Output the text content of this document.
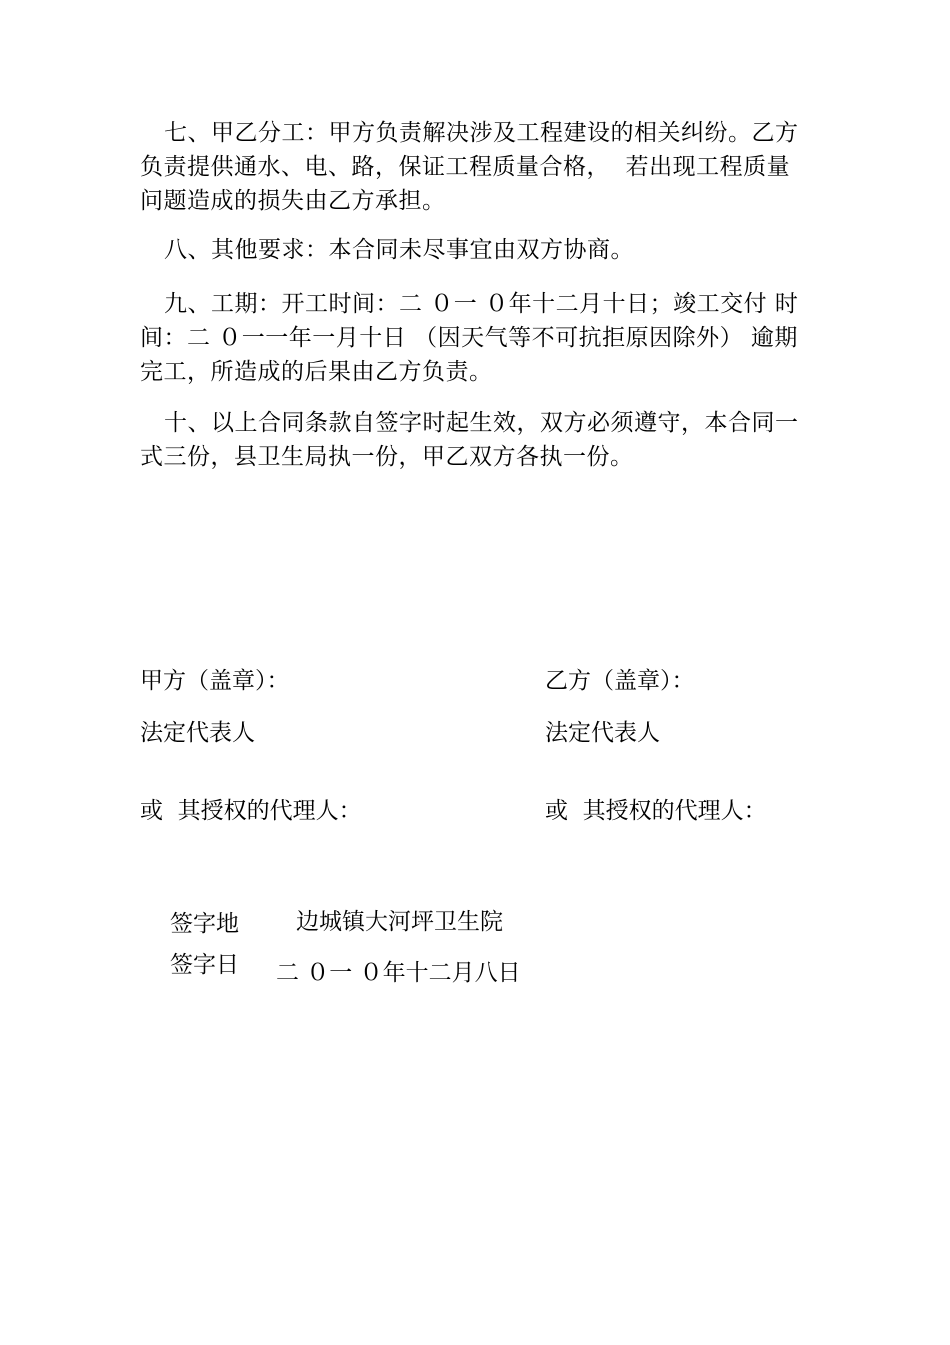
七、甲乙分工：甲方负责解决涉及工程建设的相关纠纷。乙方负责提供通水、电、路，保证工程质量合格，  若出现工程质量问题造成的损失由乙方承担。

八、其他要求：本合同未尽事宜由双方协商。

九、工期：开工时间：二 ０一 ０年十二月十日；竣工交付 时间：二 ０一一年一月十日 （因天气等不可抗拒原因除外） 逾期完工，所造成的后果由乙方负责。

十、以上合同条款自签字时起生效，双方必须遵守，本合同一式三份，县卫生局执一份，甲乙双方各执一份。

甲方（盖章）：	乙方（盖章）：

法定代表人	法定代表人

或  其授权的代理人：	或  其授权的代理人：

签字地	边城镇大河坪卫生院

签字日	二 ０一 ０年十二月八日
